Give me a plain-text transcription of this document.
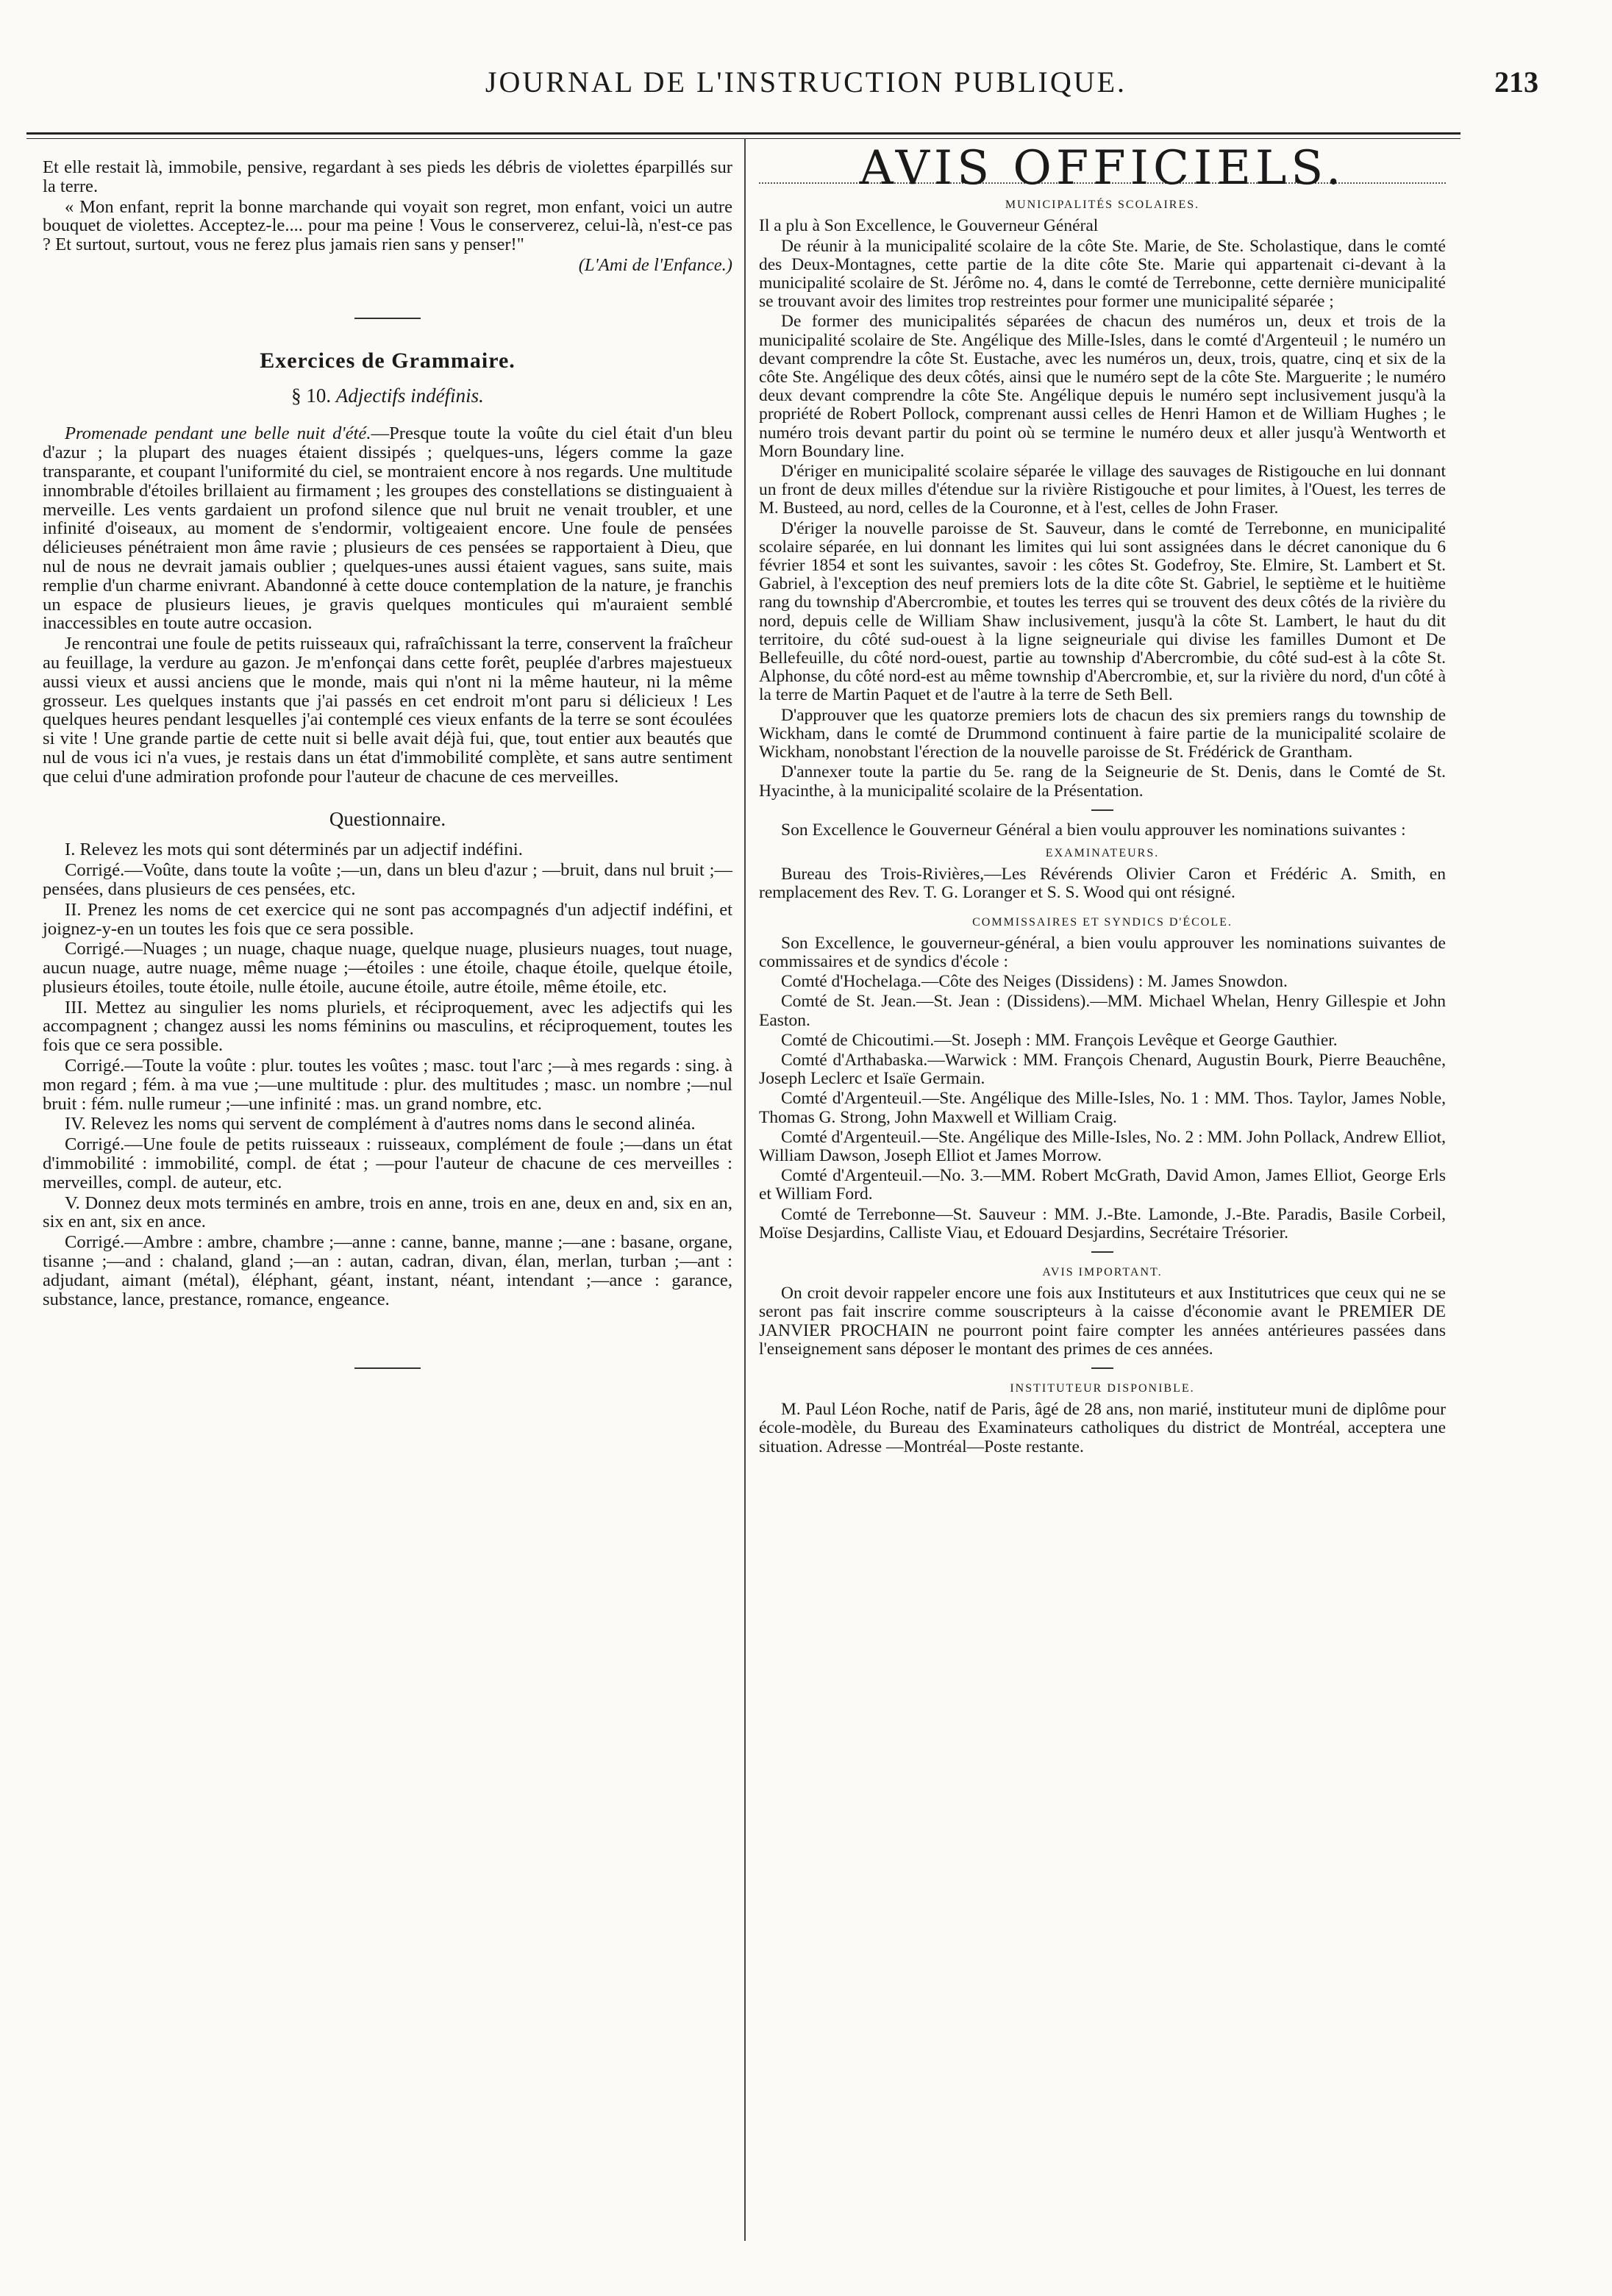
JOURNAL DE L'INSTRUCTION PUBLIQUE.	213

Et elle restait là, immobile, pensive, regardant à ses pieds les débris de violettes éparpillés sur la terre.

« Mon enfant, reprit la bonne marchande qui voyait son regret, mon enfant, voici un autre bouquet de violettes. Acceptez-le.... pour ma peine ! Vous le conserverez, celui-là, n'est-ce pas ? Et surtout, surtout, vous ne ferez plus jamais rien sans y penser!"

(L'Ami de l'Enfance.)
Exercices de Grammaire.
§ 10. Adjectifs indéfinis.

Promenade pendant une belle nuit d'été.—Presque toute la voûte du ciel était d'un bleu d'azur ; la plupart des nuages étaient dissipés ; quelques-uns, légers comme la gaze transparante, et coupant l'uniformité du ciel, se montraient encore à nos regards. Une multitude innombrable d'étoiles brillaient au firmament ; les groupes des constellations se distinguaient à merveille. Les vents gardaient un profond silence que nul bruit ne venait troubler, et une infinité d'oiseaux, au moment de s'endormir, voltigeaient encore. Une foule de pensées délicieuses pénétraient mon âme ravie ; plusieurs de ces pensées se rapportaient à Dieu, que nul de nous ne devrait jamais oublier ; quelques-unes aussi étaient vagues, sans suite, mais remplie d'un charme enivrant. Abandonné à cette douce contemplation de la nature, je franchis un espace de plusieurs lieues, je gravis quelques monticules qui m'auraient semblé inaccessibles en toute autre occasion.

Je rencontrai une foule de petits ruisseaux qui, rafraîchissant la terre, conservent la fraîcheur au feuillage, la verdure au gazon. Je m'enfonçai dans cette forêt, peuplée d'arbres majestueux aussi vieux et aussi anciens que le monde, mais qui n'ont ni la même hauteur, ni la même grosseur. Les quelques instants que j'ai passés en cet endroit m'ont paru si délicieux ! Les quelques heures pendant lesquelles j'ai contemplé ces vieux enfants de la terre se sont écoulées si vite ! Une grande partie de cette nuit si belle avait déjà fui, que, tout entier aux beautés que nul de vous ici n'a vues, je restais dans un état d'immobilité complète, et sans autre sentiment que celui d'une admiration profonde pour l'auteur de chacune de ces merveilles.

Questionnaire.

I. Relevez les mots qui sont déterminés par un adjectif indéfini.

Corrigé.—Voûte, dans toute la voûte ;—un, dans un bleu d'azur ; —bruit, dans nul bruit ;—pensées, dans plusieurs de ces pensées, etc.

II. Prenez les noms de cet exercice qui ne sont pas accompagnés d'un adjectif indéfini, et joignez-y-en un toutes les fois que ce sera possible.

Corrigé.—Nuages ; un nuage, chaque nuage, quelque nuage, plusieurs nuages, tout nuage, aucun nuage, autre nuage, même nuage ;—étoiles : une étoile, chaque étoile, quelque étoile, plusieurs étoiles, toute étoile, nulle étoile, aucune étoile, autre étoile, même étoile, etc.

III. Mettez au singulier les noms pluriels, et réciproquement, avec les adjectifs qui les accompagnent ; changez aussi les noms féminins ou masculins, et réciproquement, toutes les fois que ce sera possible.

Corrigé.—Toute la voûte : plur. toutes les voûtes ; masc. tout l'arc ;—à mes regards : sing. à mon regard ; fém. à ma vue ;—une multitude : plur. des multitudes ; masc. un nombre ;—nul bruit : fém. nulle rumeur ;—une infinité : mas. un grand nombre, etc.

IV. Relevez les noms qui servent de complément à d'autres noms dans le second alinéa.

Corrigé.—Une foule de petits ruisseaux : ruisseaux, complément de foule ;—dans un état d'immobilité : immobilité, compl. de état ; —pour l'auteur de chacune de ces merveilles : merveilles, compl. de auteur, etc.

V. Donnez deux mots terminés en ambre, trois en anne, trois en ane, deux en and, six en an, six en ant, six en ance.

Corrigé.—Ambre : ambre, chambre ;—anne : canne, banne, manne ;—ane : basane, organe, tisanne ;—and : chaland, gland ;—an : autan, cadran, divan, élan, merlan, turban ;—ant : adjudant, aimant (métal), éléphant, géant, instant, néant, intendant ;—ance : garance, substance, lance, prestance, romance, engeance.

AVIS OFFICIELS.
MUNICIPALITÉS SCOLAIRES.

Il a plu à Son Excellence, le Gouverneur Général

De réunir à la municipalité scolaire de la côte Ste. Marie, de Ste. Scholastique, dans le comté des Deux-Montagnes, cette partie de la dite côte Ste. Marie qui appartenait ci-devant à la municipalité scolaire de St. Jérôme no. 4, dans le comté de Terrebonne, cette dernière municipalité se trouvant avoir des limites trop restreintes pour former une municipalité séparée ;

De former des municipalités séparées de chacun des numéros un, deux et trois de la municipalité scolaire de Ste. Angélique des Mille-Isles, dans le comté d'Argenteuil ; le numéro un devant comprendre la côte St. Eustache, avec les numéros un, deux, trois, quatre, cinq et six de la côte Ste. Angélique des deux côtés, ainsi que le numéro sept de la côte Ste. Marguerite ; le numéro deux devant comprendre la côte Ste. Angélique depuis le numéro sept inclusivement jusqu'à la propriété de Robert Pollock, comprenant aussi celles de Henri Hamon et de William Hughes ; le numéro trois devant partir du point où se termine le numéro deux et aller jusqu'à Wentworth et Morn Boundary line.

D'ériger en municipalité scolaire séparée le village des sauvages de Ristigouche en lui donnant un front de deux milles d'étendue sur la rivière Ristigouche et pour limites, à l'Ouest, les terres de M. Busteed, au nord, celles de la Couronne, et à l'est, celles de John Fraser.

D'ériger la nouvelle paroisse de St. Sauveur, dans le comté de Terrebonne, en municipalité scolaire séparée, en lui donnant les limites qui lui sont assignées dans le décret canonique du 6 février 1854 et sont les suivantes, savoir : les côtes St. Godefroy, Ste. Elmire, St. Lambert et St. Gabriel, à l'exception des neuf premiers lots de la dite côte St. Gabriel, le septième et le huitième rang du township d'Abercrombie, et toutes les terres qui se trouvent des deux côtés de la rivière du nord, depuis celle de William Shaw inclusivement, jusqu'à la côte St. Lambert, le haut du dit territoire, du côté sud-ouest à la ligne seigneuriale qui divise les familles Dumont et De Bellefeuille, du côté nord-ouest, partie au township d'Abercrombie, du côté sud-est à la côte St. Alphonse, du côté nord-est au même township d'Abercrombie, et, sur la rivière du nord, d'un côté à la terre de Martin Paquet et de l'autre à la terre de Seth Bell.

D'approuver que les quatorze premiers lots de chacun des six premiers rangs du township de Wickham, dans le comté de Drummond continuent à faire partie de la municipalité scolaire de Wickham, nonobstant l'érection de la nouvelle paroisse de St. Frédérick de Grantham.

D'annexer toute la partie du 5e. rang de la Seigneurie de St. Denis, dans le Comté de St. Hyacinthe, à la municipalité scolaire de la Présentation.

Son Excellence le Gouverneur Général a bien voulu approuver les nominations suivantes :

EXAMINATEURS.

Bureau des Trois-Rivières,—Les Révérends Olivier Caron et Frédéric A. Smith, en remplacement des Rev. T. G. Loranger et S. S. Wood qui ont résigné.

COMMISSAIRES ET SYNDICS D'ÉCOLE.

Son Excellence, le gouverneur-général, a bien voulu approuver les nominations suivantes de commissaires et de syndics d'école :

Comté d'Hochelaga.—Côte des Neiges (Dissidens) : M. James Snowdon.

Comté de St. Jean.—St. Jean : (Dissidens).—MM. Michael Whelan, Henry Gillespie et John Easton.

Comté de Chicoutimi.—St. Joseph : MM. François Levêque et George Gauthier.

Comté d'Arthabaska.—Warwick : MM. François Chenard, Augustin Bourk, Pierre Beauchêne, Joseph Leclerc et Isaïe Germain.

Comté d'Argenteuil.—Ste. Angélique des Mille-Isles, No. 1 : MM. Thos. Taylor, James Noble, Thomas G. Strong, John Maxwell et William Craig.

Comté d'Argenteuil.—Ste. Angélique des Mille-Isles, No. 2 : MM. John Pollack, Andrew Elliot, William Dawson, Joseph Elliot et James Morrow.

Comté d'Argenteuil.—No. 3.—MM. Robert McGrath, David Amon, James Elliot, George Erls et William Ford.

Comté de Terrebonne—St. Sauveur : MM. J.-Bte. Lamonde, J.-Bte. Paradis, Basile Corbeil, Moïse Desjardins, Calliste Viau, et Edouard Desjardins, Secrétaire Trésorier.

AVIS IMPORTANT.

On croit devoir rappeler encore une fois aux Instituteurs et aux Institutrices que ceux qui ne se seront pas fait inscrire comme souscripteurs à la caisse d'économie avant le PREMIER DE JANVIER PROCHAIN ne pourront point faire compter les années antérieures passées dans l'enseignement sans déposer le montant des primes de ces années.

INSTITUTEUR DISPONIBLE.

M. Paul Léon Roche, natif de Paris, âgé de 28 ans, non marié, instituteur muni de diplôme pour école-modèle, du Bureau des Examinateurs catholiques du district de Montréal, acceptera une situation. Adresse —Montréal—Poste restante.
